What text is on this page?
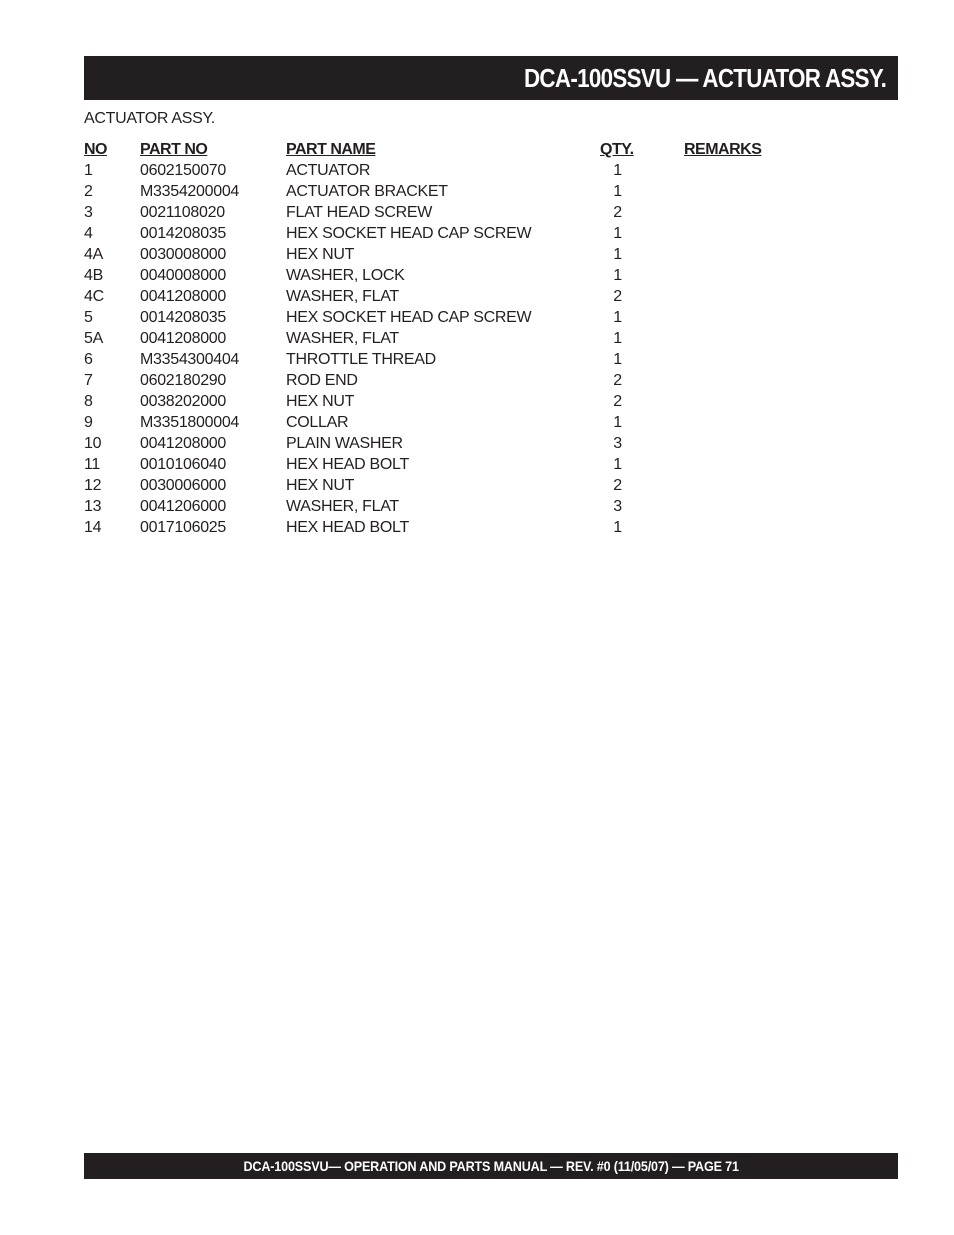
DCA-100SSVU — ACTUATOR ASSY.
ACTUATOR ASSY.
NO PART NO	PART NAME	QTY.	REMARKS
1	0602150070	ACTUATOR	1
2	M3354200004	ACTUATOR BRACKET	1
3	0021108020	FLAT HEAD SCREW	2
4	0014208035	HEX SOCKET HEAD CAP SCREW	1
4A 0030008000	HEX NUT	1
4B 0040008000	WASHER, LOCK	1
4C 0041208000	WASHER, FLAT	2
5	0014208035	HEX SOCKET HEAD CAP SCREW	1
5A 0041208000	WASHER, FLAT	1
6	M3354300404	THROTTLE THREAD	1
7	0602180290	ROD END	2
8	0038202000	HEX NUT	2
9	M3351800004	COLLAR	1
10 0041208000	PLAIN WASHER	3
11 0010106040	HEX HEAD BOLT	1
12 0030006000	HEX NUT	2
13 0041206000	WASHER, FLAT	3
14 0017106025	HEX HEAD BOLT	1
DCA-100SSVU— OPERATION AND PARTS MANUAL — REV. #0 (11/05/07) — PAGE 71
